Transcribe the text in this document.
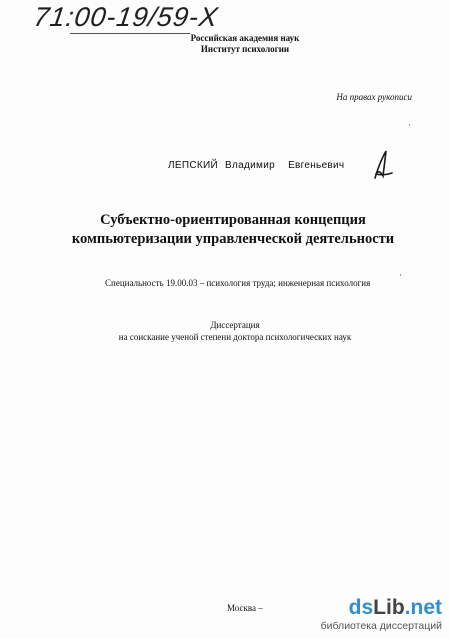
71:00-19/59-X
Российская академия наук
Институт психологии
На правах рукописи
ЛЕПСКИЙ Владимир Евгеньевич
Субъектно-ориентированная концепция
компьютеризации управленческой деятельности
Специальность 19.00.03 – психология труда; инженерная психология
·
·
Диссертация
на соискание ученой степени доктора психологических наук
Москва –	dsLib.net
библиотека диссертаций
